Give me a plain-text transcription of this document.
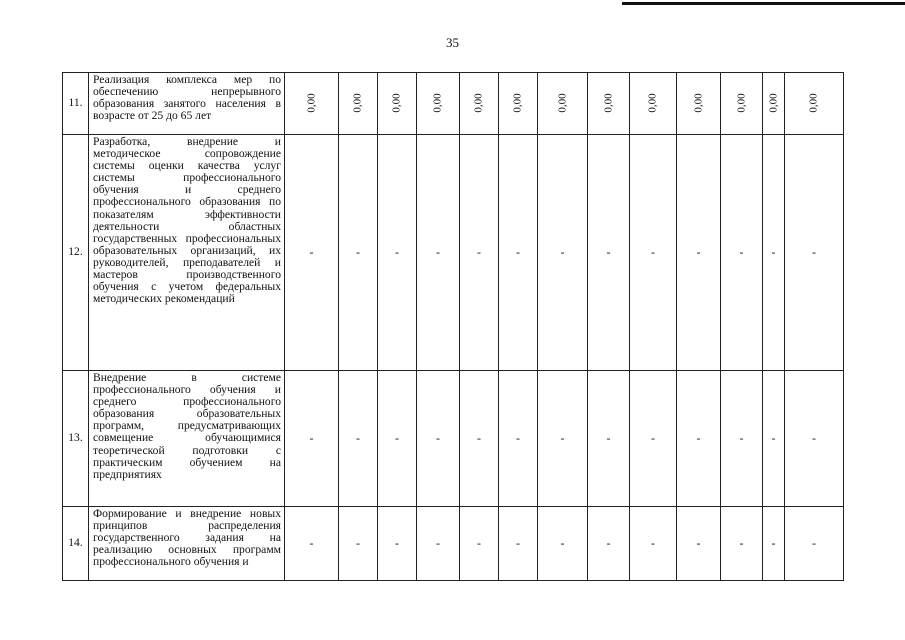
35
11.	Реализация комплекса мер по обеспечению непрерывного образования занятого населения в возрасте от 25 до 65 лет	0,00	0,00	0,00	0,00	0,00	0,00	0,00	0,00	0,00	0,00	0,00	0,00	0,00
12.	Разработка, внедрение и методическое сопровождение системы оценки качества услуг системы профессионального обучения и среднего профессионального образования по показателям эффективности деятельности областных государственных профессиональных образовательных организаций, их руководителей, преподавателей и мастеров производственного обучения с учетом федеральных методических рекомендаций	-	-	-	-	-	-	-	-	-	-	-	-	-
13.	Внедрение в системе профессионального обучения и среднего профессионального образования образовательных программ, предусматривающих совмещение обучающимися теоретической подготовки с практическим обучением на предприятиях	-	-	-	-	-	-	-	-	-	-	-	-	-
14.	Формирование и внедрение новых принципов распределения государственного задания на реализацию основных программ профессионального обучения и	-	-	-	-	-	-	-	-	-	-	-	-	-
